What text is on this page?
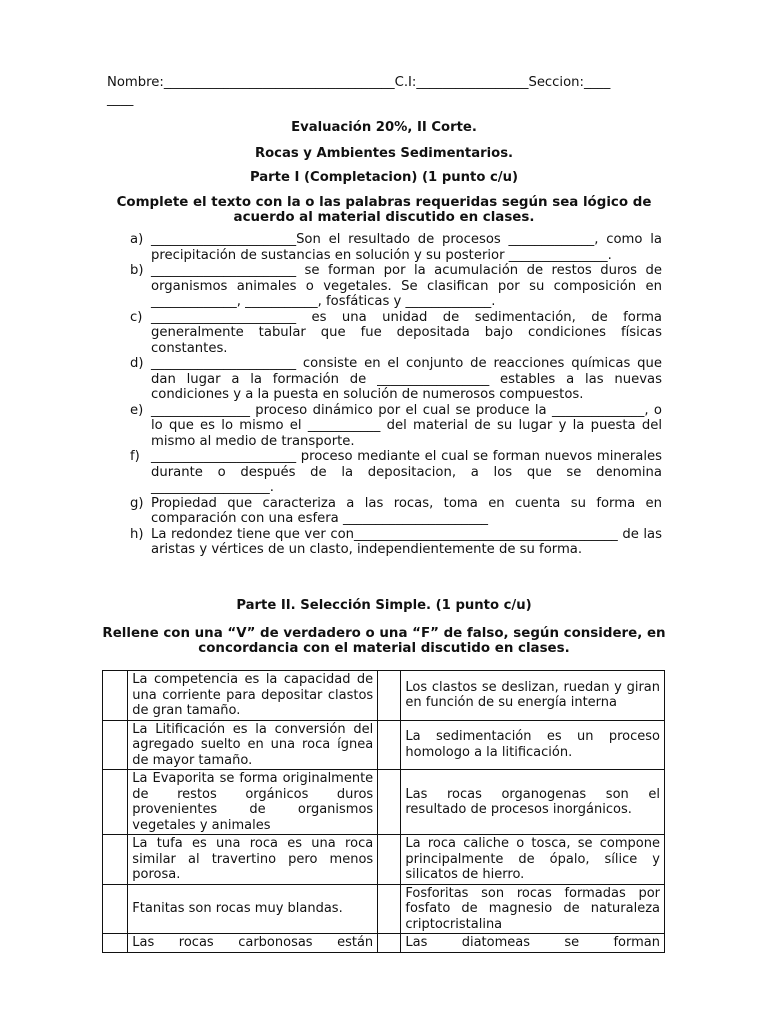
Nombre:___________________________________C.I:_________________Seccion:____
____
Evaluación 20%, II Corte.
Rocas y Ambientes Sedimentarios.
Parte I (Completacion) (1 punto c/u)
Complete el texto con la o las palabras requeridas según sea lógico de acuerdo al material discutido en clases.
a) ______________________Son el resultado de procesos _____________, como la precipitación de sustancias en solución y su posterior _______________.
b) ______________________ se forman por la acumulación de restos duros de organismos animales o vegetales. Se clasifican por su composición en _____________, ___________, fosfáticas y _____________.
c) ______________________ es una unidad de sedimentación, de forma generalmente tabular que fue depositada bajo condiciones físicas constantes.
d) ______________________ consiste en el conjunto de reacciones químicas que dan lugar a la formación de _________________ estables a las nuevas condiciones y a la puesta en solución de numerosos compuestos.
e) _______________ proceso dinámico por el cual se produce la ______________, o lo que es lo mismo el ___________ del material de su lugar y la puesta del mismo al medio de transporte.
f) ______________________ proceso mediante el cual se forman nuevos minerales durante o después de la depositacion, a los que se denomina __________________.
g) Propiedad que caracteriza a las rocas, toma en cuenta su forma en comparación con una esfera ______________________
h) La redondez tiene que ver con________________________________________ de las aristas y vértices de un clasto, independientemente de su forma.
Parte II. Selección Simple. (1 punto c/u)
Rellene con una “V” de verdadero o una “F” de falso, según considere, en concordancia con el material discutido en clases.
	La competencia es la capacidad de una corriente para depositar clastos de gran tamaño.		Los clastos se deslizan, ruedan y giran en función de su energía interna
	La Litificación es la conversión del agregado suelto en una roca ígnea de mayor tamaño.		La sedimentación es un proceso homologo a la litificación.
	La Evaporita se forma originalmente de restos orgánicos duros provenientes de organismos vegetales y animales		Las rocas organogenas son el resultado de procesos inorgánicos.
	La tufa es una roca es una roca similar al travertino pero menos porosa.		La roca caliche o tosca, se compone principalmente de ópalo, sílice y silicatos de hierro.
	Ftanitas son rocas muy blandas.		Fosforitas son rocas formadas por fosfato de magnesio de naturaleza criptocristalina
	Las rocas carbonosas están		Las diatomeas se forman
